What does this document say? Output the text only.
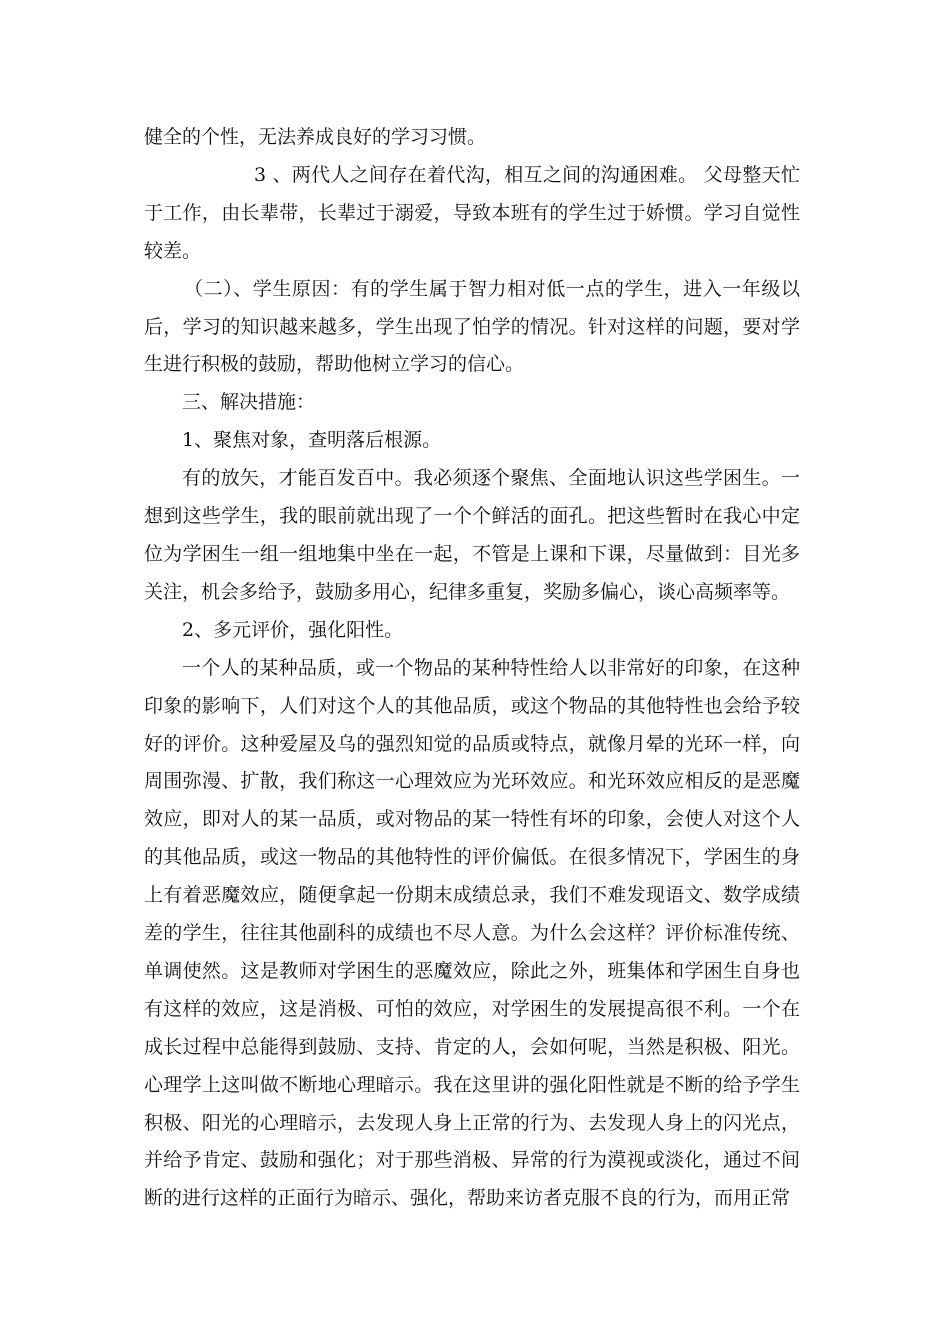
健全的个性，无法养成良好的学习习惯。

3 、两代人之间存在着代沟，相互之间的沟通困难。 父母整天忙于工作，由长辈带，长辈过于溺爱，导致本班有的学生过于娇惯。学习自觉性较差。

（二）、学生原因：有的学生属于智力相对低一点的学生，进入一年级以后，学习的知识越来越多，学生出现了怕学的情况。针对这样的问题，要对学生进行积极的鼓励，帮助他树立学习的信心。

三、解决措施：

1、聚焦对象，查明落后根源。

有的放矢，才能百发百中。我必须逐个聚焦、全面地认识这些学困生。一想到这些学生，我的眼前就出现了一个个鲜活的面孔。把这些暂时在我心中定位为学困生一组一组地集中坐在一起，不管是上课和下课，尽量做到：目光多关注，机会多给予，鼓励多用心，纪律多重复，奖励多偏心，谈心高频率等。

2、多元评价，强化阳性。

一个人的某种品质，或一个物品的某种特性给人以非常好的印象，在这种印象的影响下，人们对这个人的其他品质，或这个物品的其他特性也会给予较好的评价。这种爱屋及乌的强烈知觉的品质或特点，就像月晕的光环一样，向周围弥漫、扩散，我们称这一心理效应为光环效应。和光环效应相反的是恶魔效应，即对人的某一品质，或对物品的某一特性有坏的印象，会使人对这个人的其他品质，或这一物品的其他特性的评价偏低。在很多情况下，学困生的身上有着恶魔效应，随便拿起一份期末成绩总录，我们不难发现语文、数学成绩差的学生，往往其他副科的成绩也不尽人意。为什么会这样？评价标准传统、单调使然。这是教师对学困生的恶魔效应，除此之外，班集体和学困生自身也有这样的效应，这是消极、可怕的效应，对学困生的发展提高很不利。一个在成长过程中总能得到鼓励、支持、肯定的人，会如何呢，当然是积极、阳光。心理学上这叫做不断地心理暗示。我在这里讲的强化阳性就是不断的给予学生积极、阳光的心理暗示，去发现人身上正常的行为、去发现人身上的闪光点，并给予肯定、鼓励和强化；对于那些消极、异常的行为漠视或淡化，通过不间断的进行这样的正面行为暗示、强化，帮助来访者克服不良的行为，而用正常
